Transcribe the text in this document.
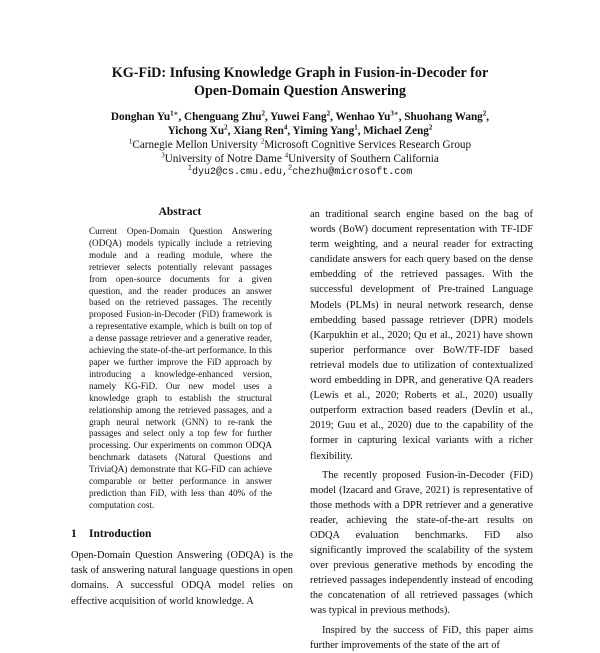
KG-FiD: Infusing Knowledge Graph in Fusion-in-Decoder for
Open-Domain Question Answering
Donghan $Yu^{1∗}$, Chenguang Zhu$^2$, Yuwei Fang$^2$, Wenhao $Yu^{3∗}$, Shuohang Wang$^2$,
Yichong Xu$^2$, Xiang Ren$^4$, Yiming Yang$^1$, Michael Zeng$^2$
$^1$Carnegie Mellon University $^2$Microsoft Cognitive Services Research Group
$^3$University of Notre Dame $^4$University of Southern California
$^1$dyu2@cs.cmu.edu,$^2$chezhu@microsoft.com
Abstract
Current Open-Domain Question Answering (ODQA) models typically include a retrieving module and a reading module, where the retriever selects potentially relevant passages from open-source documents for a given question, and the reader produces an answer based on the retrieved passages. The recently proposed Fusion-in-Decoder (FiD) framework is a representative example, which is built on top of a dense passage retriever and a generative reader, achieving the state-of-the-art performance. In this paper we further improve the FiD approach by introducing a knowledge-enhanced version, namely KG-FiD. Our new model uses a knowledge graph to establish the structural relationship among the retrieved passages, and a graph neural network (GNN) to re-rank the passages and select only a top few for further processing. Our experiments on common ODQA benchmark datasets (Natural Questions and TriviaQA) demonstrate that KG-FiD can achieve comparable or better performance in answer prediction than FiD, with less than 40% of the computation cost.
1 Introduction
Open-Domain Question Answering (ODQA) is the task of answering natural language questions in open domains. A successful ODQA model relies on effective acquisition of world knowledge. A

an traditional search engine based on the bag of words (BoW) document representation with TF-IDF term weighting, and a neural reader for extracting candidate answers for each query based on the dense embedding of the retrieved passages. With the successful development of Pre-trained Language Models (PLMs) in neural network research, dense embedding based passage retriever (DPR) models (Karpukhin et al., 2020; Qu et al., 2021) have shown superior performance over BoW/TF-IDF based retrieval models due to utilization of contextualized word embedding in DPR, and generative QA readers (Lewis et al., 2020; Roberts et al., 2020) usually outperform extraction based readers (Devlin et al., 2019; Guu et al., 2020) due to the capability of the former in capturing lexical variants with a richer flexibility.

The recently proposed Fusion-in-Decoder (FiD) model (Izacard and Grave, 2021) is representative of those methods with a DPR retriever and a generative reader, achieving the state-of-the-art results on ODQA evaluation benchmarks. FiD also significantly improved the scalability of the system over previous generative methods by encoding the retrieved passages independently instead of encoding the concatenation of all retrieved passages (which was typical in previous methods).

Inspired by the success of FiD, this paper aims further improvements of the state of the art of
